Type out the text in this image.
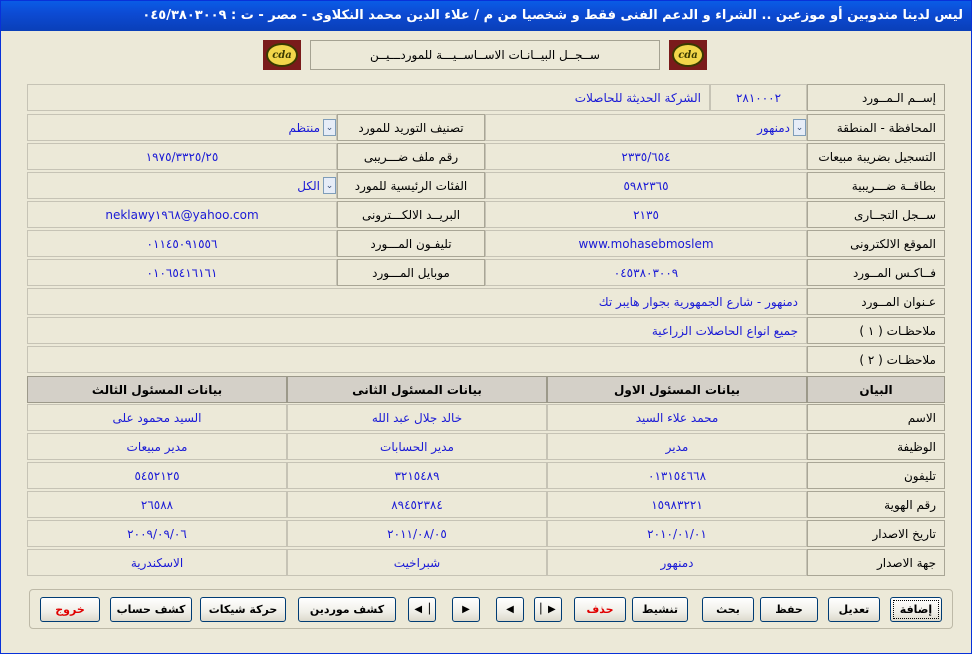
ليس لدينا مندوبين أو موزعين .. الشراء و الدعم الفنى فقط و شخصيا من م / علاء الدين محمد النكلاوى - مصر - ت : ٠٤٥/٣٨٠٣٠٠٩
cda	ســجــل البيــانـات الاســاســيـــة للموردـــيــن	cda
إســم الـمــورد
٢٨١٠٠٠٢
الشركة الحديثة للحاصلات
المحافظة - المنطقة
⌄
دمنهور
تصنيف التوريد للمورد
⌄
منتظم
التسجيل بضريبة مبيعات
٢٣٣٥/٦٥٤
رقم ملف ضـــريبى
١٩٧٥/٣٣٢٥/٢٥
بطاقــة ضـــريبية
٥٩٨٢٣٦٥
الفئات الرئيسية للمورد
⌄
الكل
ســجل التجــارى
٢١٣٥
البريــد الالكـــترونى
neklawy١٩٦٨@yahoo.com
الموقع الالكترونى
www.mohasebmoslem
تليفـون المـــورد
٠١١٤٥٠٩١٥٥٦
فــاكـس المــورد
٠٤٥٣٨٠٣٠٠٩
موبايل المـــورد
٠١٠٦٥٤١٦١٦١
عـنوان المــورد
دمنهور - شارع الجمهورية بجوار هايبر تك
ملاحظـات ( ١ )
جميع انواع الحاصلات الزراعية
ملاحظـات ( ٢ )
البيان
بيانات المسئول الاول
بيانات المسئول الثانى
بيانات المسئول الثالث
الاسم
محمد علاء السيد
خالد جلال عبد الله
السيد محمود على
الوظيفة
مدير
مدير الحسابات
مدير مبيعات
تليفون
٠١٣١٥٤٦٦٨
٣٢١٥٤٨٩
٥٤٥٢١٢٥
رقم الهوية
١٥٩٨٣٢٢١
٨٩٤٥٢٣٨٤
٢٦٥٨٨
تاريخ الاصدار
٢٠١٠/٠١/٠١
٢٠١١/٠٨/٠٥
٢٠٠٩/٠٩/٠٦
جهة الاصدار
دمنهور
شبراخيت
الاسكندرية
إضافة
تعديل
حفظ
بحث
تنشيط
حذف
▶▏
◀
▶
▕◀
كشف موردين
حركة شيكات
كشف حساب
خروج
